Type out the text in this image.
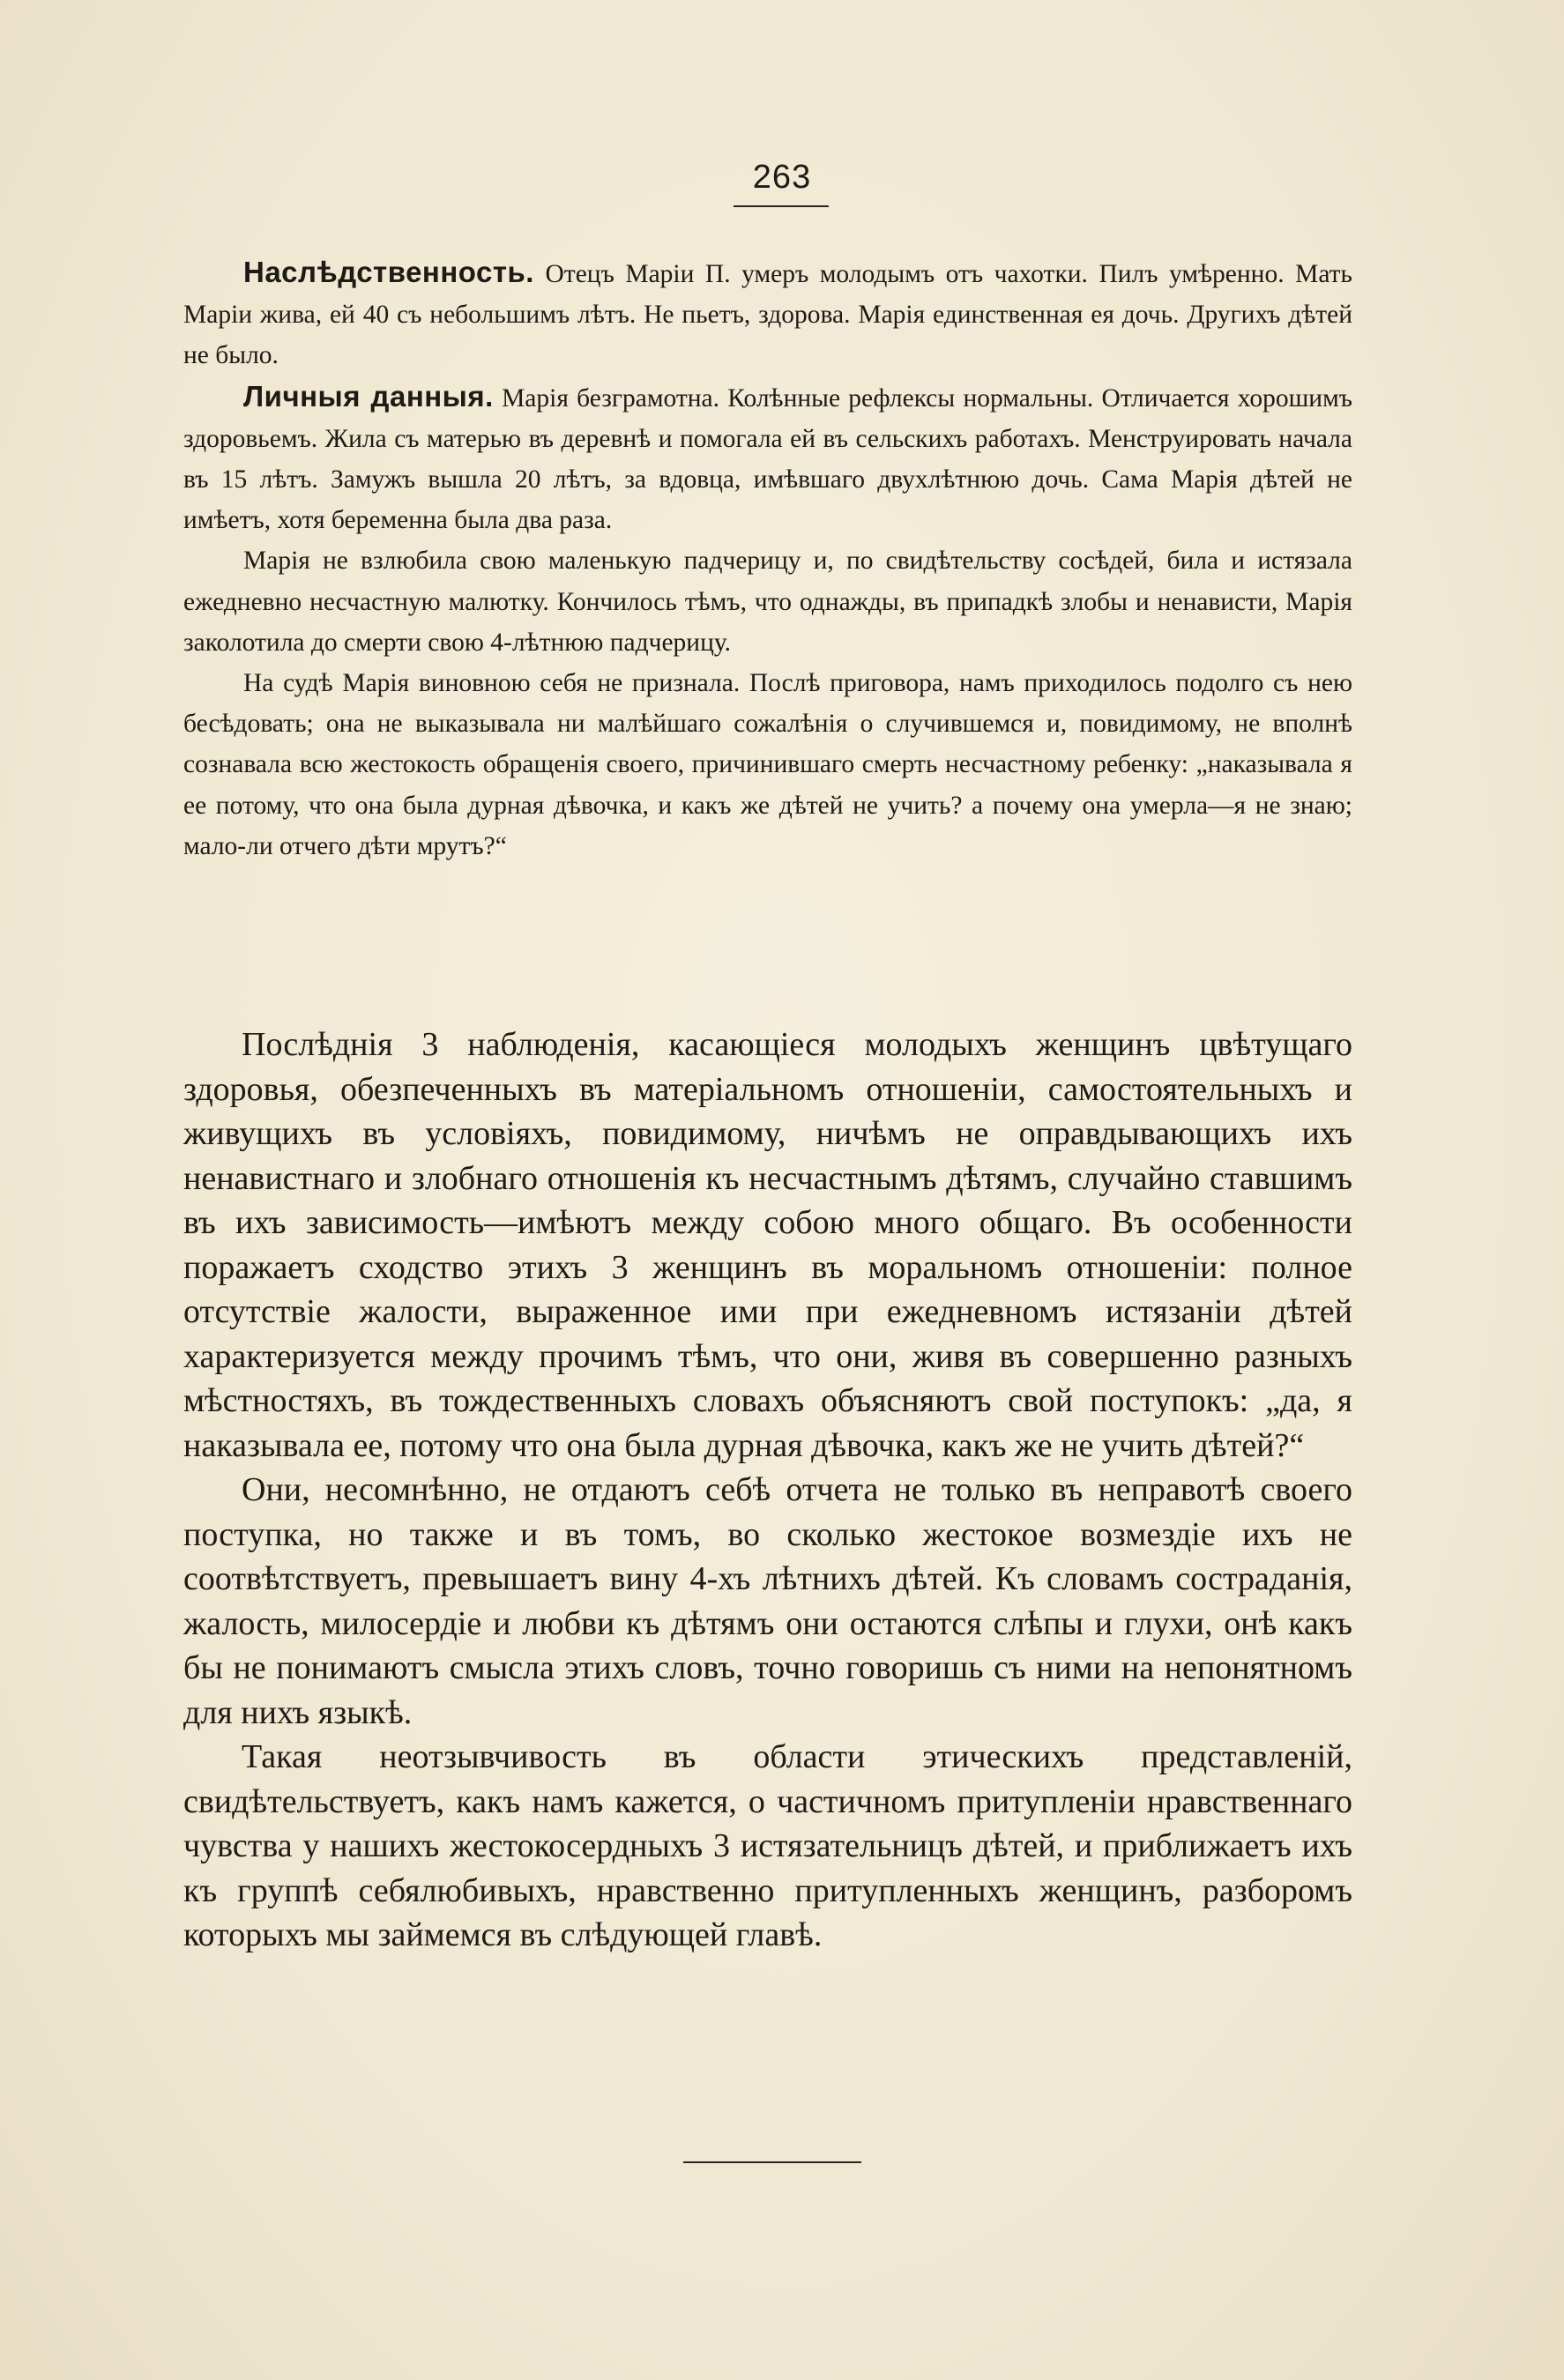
263

Наслѣдственность. Отецъ Маріи П. умеръ молодымъ отъ чахотки. Пилъ умѣренно. Мать Маріи жива, ей 40 съ небольшимъ лѣтъ. Не пьетъ, здорова. Марія единственная ея дочь. Другихъ дѣтей не было.

Личныя данныя. Марія безграмотна. Колѣнные рефлексы нормальны. Отличается хорошимъ здоровьемъ. Жила съ матерью въ деревнѣ и помогала ей въ сельскихъ работахъ. Менструировать начала въ 15 лѣтъ. Замужъ вышла 20 лѣтъ, за вдовца, имѣвшаго двухлѣтнюю дочь. Сама Марія дѣтей не имѣетъ, хотя беременна была два раза.

Марія не взлюбила свою маленькую падчерицу и, по свидѣтельству сосѣдей, била и истязала ежедневно несчастную малютку. Кончилось тѣмъ, что однажды, въ припадкѣ злобы и ненависти, Марія заколотила до смерти свою 4-лѣтнюю падчерицу.

На судѣ Марія виновною себя не признала. Послѣ приговора, намъ приходилось подолго съ нею бесѣдовать; она не выказывала ни малѣйшаго сожалѣнія о случившемся и, повидимому, не вполнѣ сознавала всю жестокость обращенія своего, причинившаго смерть несчастному ребенку: „наказывала я ее потому, что она была дурная дѣвочка, и какъ же дѣтей не учить? а почему она умерла—я не знаю; мало-ли отчего дѣти мрутъ?“

Послѣднія 3 наблюденія, касающіеся молодыхъ женщинъ цвѣтущаго здоровья, обезпеченныхъ въ матеріальномъ отношеніи, самостоятельныхъ и живущихъ въ условіяхъ, повидимому, ничѣмъ не оправдывающихъ ихъ ненавистнаго и злобнаго отношенія къ несчастнымъ дѣтямъ, случайно ставшимъ въ ихъ зависимость—имѣютъ между собою много общаго. Въ особенности поражаетъ сходство этихъ 3 женщинъ въ моральномъ отношеніи: полное отсутствіе жалости, выраженное ими при ежедневномъ истязаніи дѣтей характеризуется между прочимъ тѣмъ, что они, живя въ совершенно разныхъ мѣстностяхъ, въ тождественныхъ словахъ объясняютъ свой поступокъ: „да, я наказывала ее, потому что она была дурная дѣвочка, какъ же не учить дѣтей?“

Они, несомнѣнно, не отдаютъ себѣ отчета не только въ неправотѣ своего поступка, но также и въ томъ, во сколько жестокое возмездіе ихъ не соотвѣтствуетъ, превышаетъ вину 4-хъ лѣтнихъ дѣтей. Къ словамъ состраданія, жалость, милосердіе и любви къ дѣтямъ они остаются слѣпы и глухи, онѣ какъ бы не понимаютъ смысла этихъ словъ, точно говоришь съ ними на непонятномъ для нихъ языкѣ.

Такая неотзывчивость въ области этическихъ представленій, свидѣтельствуетъ, какъ намъ кажется, о частичномъ притупленіи нравственнаго чувства у нашихъ жестокосердныхъ 3 истязательницъ дѣтей, и приближаетъ ихъ къ группѣ себялюбивыхъ, нравственно притупленныхъ женщинъ, разборомъ которыхъ мы займемся въ слѣдующей главѣ.
